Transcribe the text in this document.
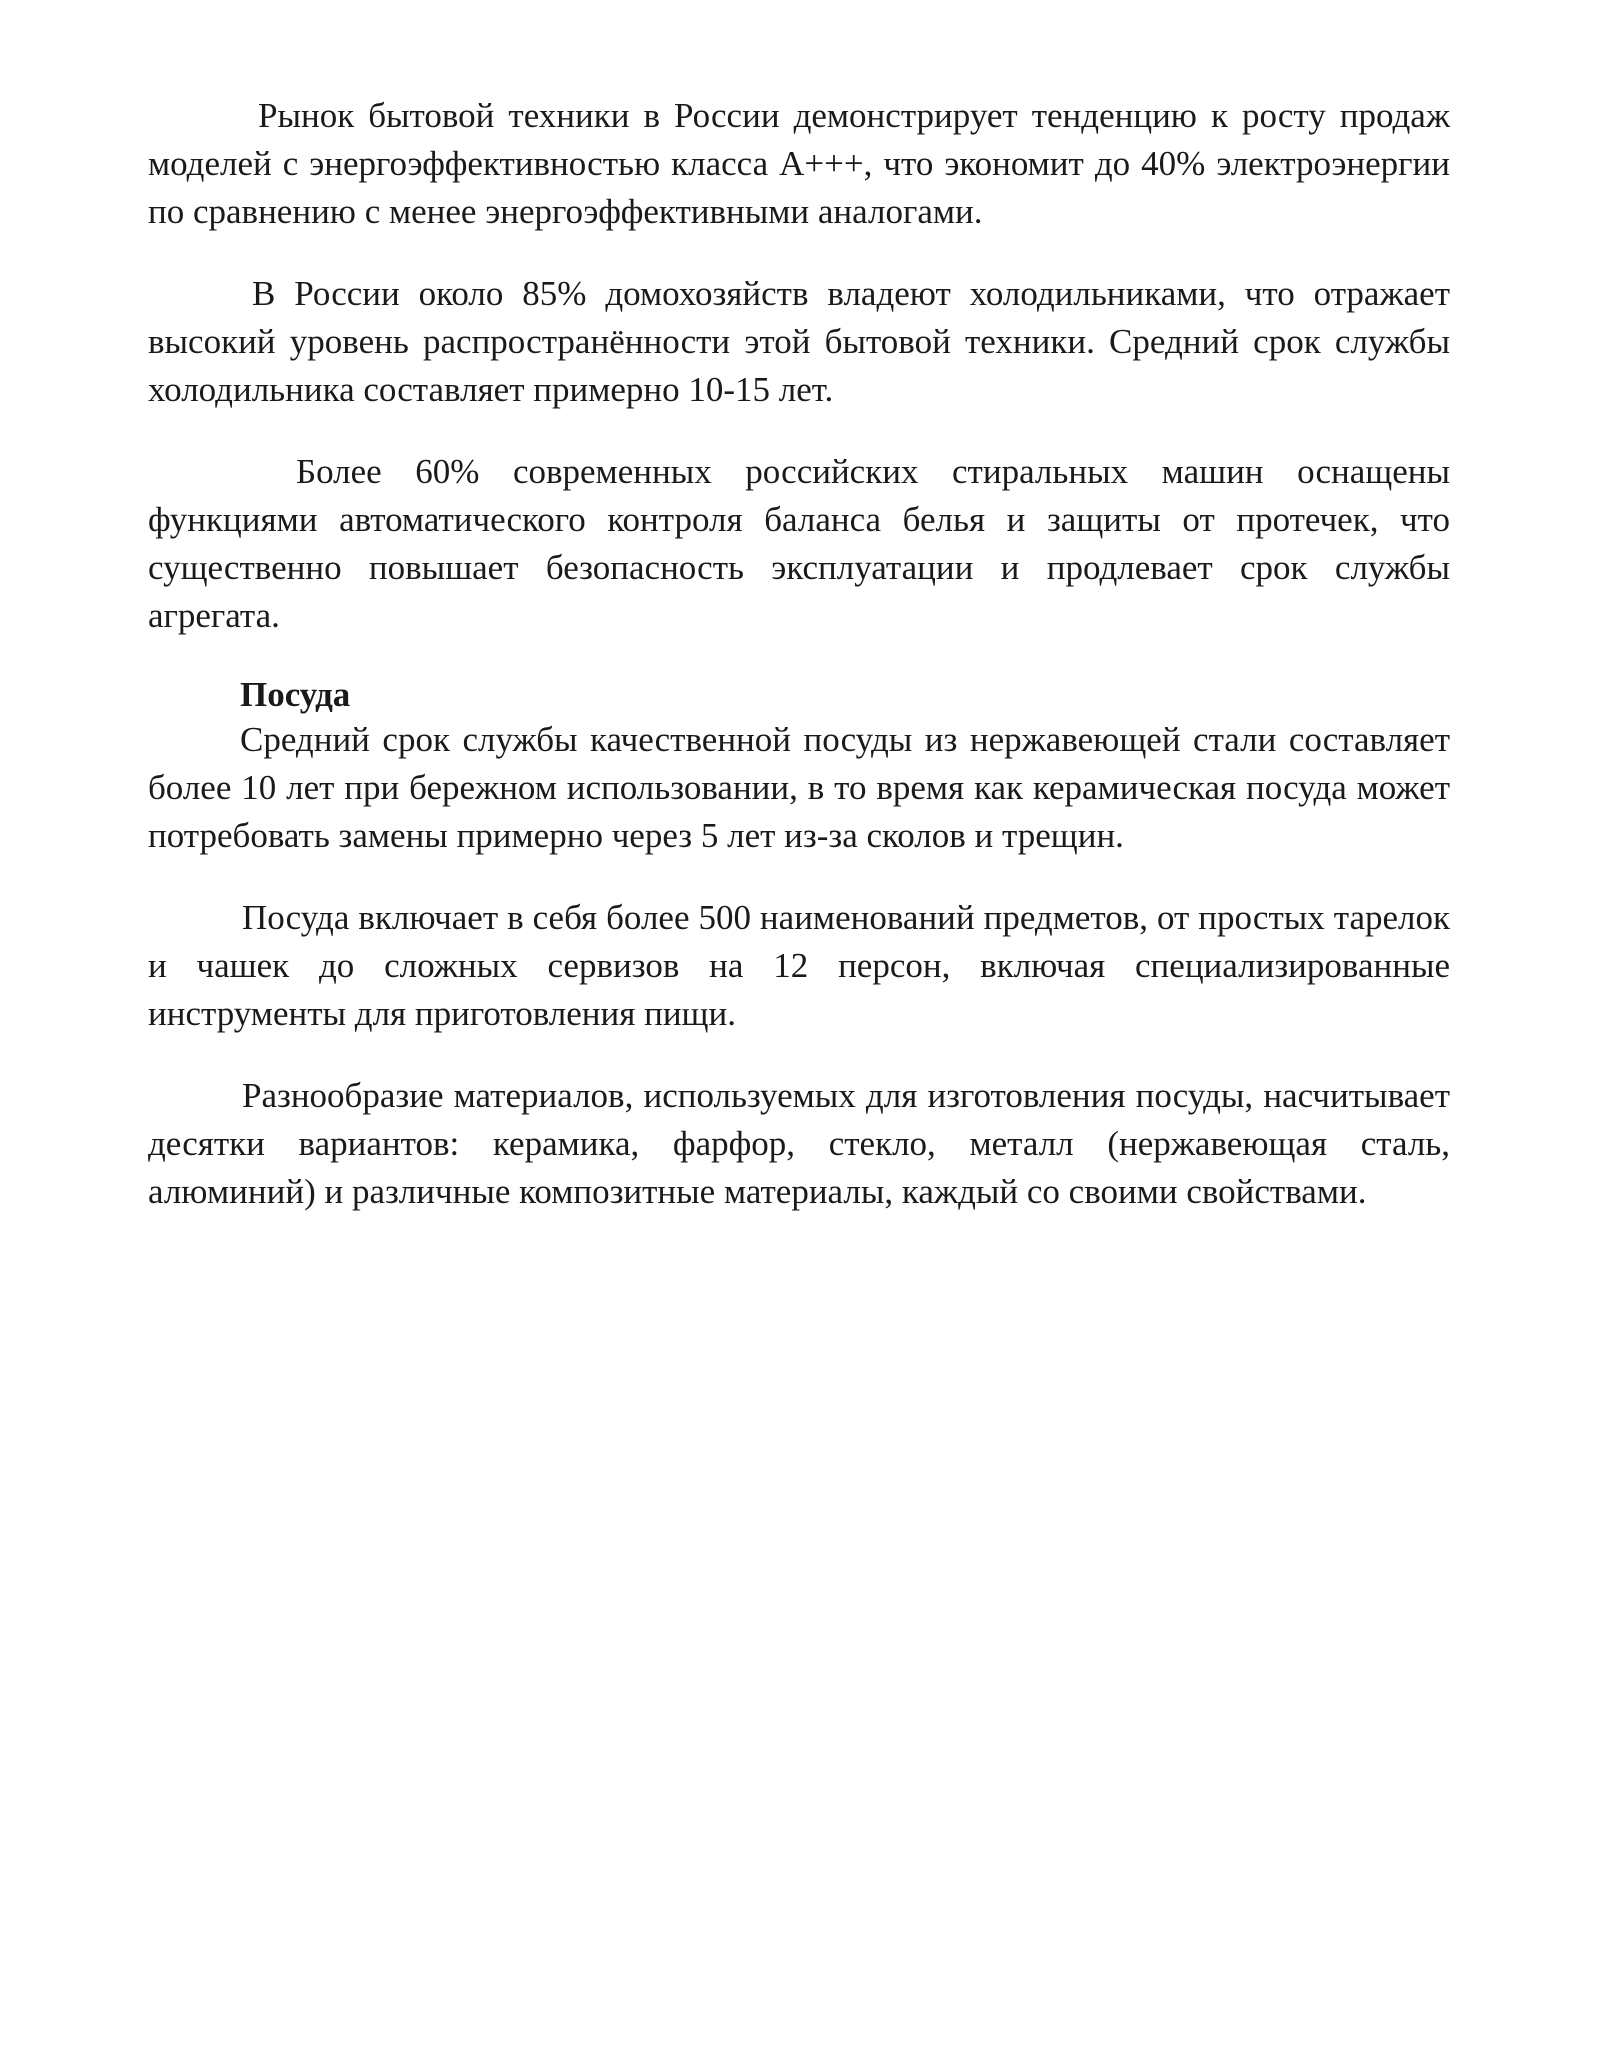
Рынок бытовой техники в России демонстрирует тенденцию к росту продаж моделей с энергоэффективностью класса A+++, что экономит до 40% электроэнергии по сравнению с менее энергоэффективными аналогами.

В России около 85% домохозяйств владеют холодильниками, что отражает высокий уровень распространённости этой бытовой техники. Средний срок службы холодильника составляет примерно 10-15 лет.

Более 60% современных российских стиральных машин оснащены функциями автоматического контроля баланса белья и защиты от протечек, что существенно повышает безопасность эксплуатации и продлевает срок службы агрегата.

Посуда

Средний срок службы качественной посуды из нержавеющей стали составляет более 10 лет при бережном использовании, в то время как керамическая посуда может потребовать замены примерно через 5 лет из-за сколов и трещин.

Посуда включает в себя более 500 наименований предметов, от простых тарелок и чашек до сложных сервизов на 12 персон, включая специализированные инструменты для приготовления пищи.

Разнообразие материалов, используемых для изготовления посуды, насчитывает десятки вариантов: керамика, фарфор, стекло, металл (нержавеющая сталь, алюминий) и различные композитные материалы, каждый со своими свойствами.
